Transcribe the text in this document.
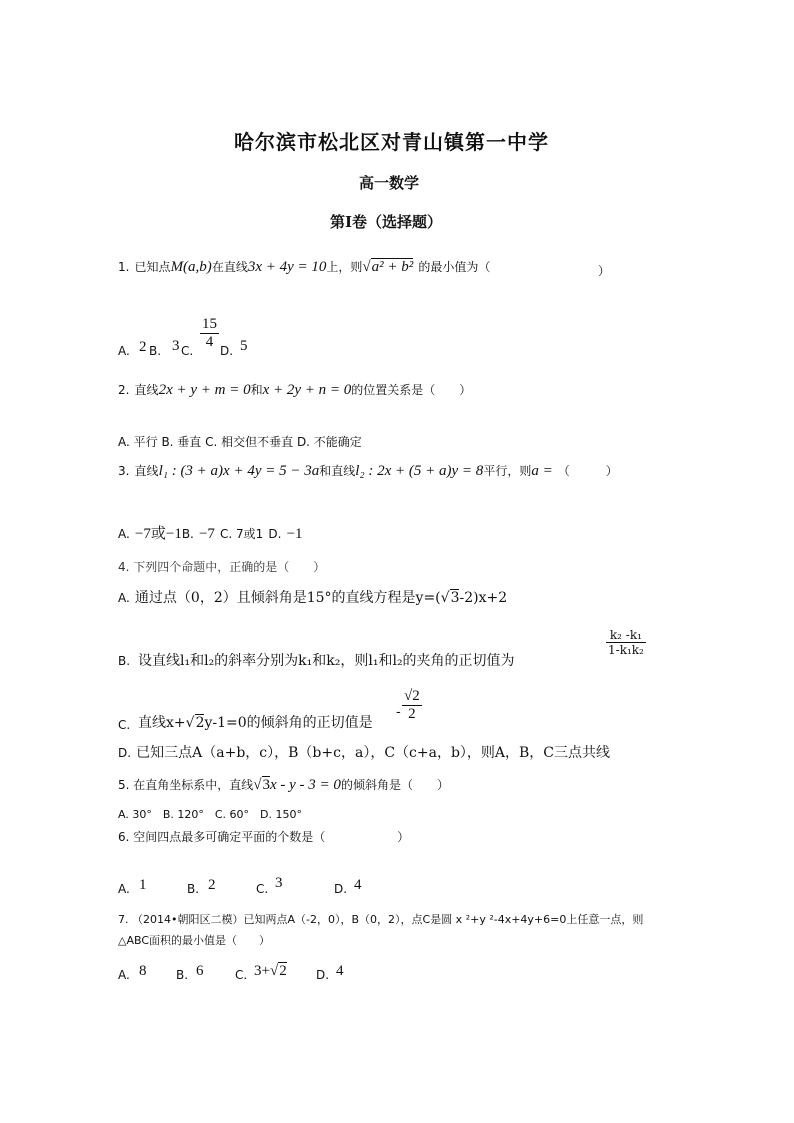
哈尔滨市松北区对青山镇第一中学
高一数学
第Ⅰ卷（选择题）
1. 已知点M(a,b)在直线3x + 4y = 10上，则√a² + b² 的最小值为（	）
A. 2 B. 3 C. $\frac{15}{4} D$. 5
2. 直线2x + y + m = 0和x + 2y + n = 0的位置关系是（　　）
A. 平行 B. 垂直 C. 相交但不垂直 D. 不能确定
3. 直线l₁ : (3 + a)x + 4y = 5 − 3a和直线l₂ : 2x + (5 + a)y = 8平行，则a = （　　　）
A. −7或−1B. −7 C. 7或1 D. −1
4. 下列四个命题中，正确的是（　　）
A. 通过点（0，2）且倾斜角是15°的直线方程是y=(√3-2)x+2
B. 设直线l₁和l₂的斜率分别为k₁和k₂，则l₁和l₂的夹角的正切值为
$\frac{\text{k₂ -k₁}}{\text{1-k₁k₂}}$
C. 直线x+√2y-1=0的倾斜角的正切值是
- $\frac{√2}{2}$
D. 已知三点A（a+b，c），B（b+c，a），C（c+a，b），则A，B，C三点共线
5. 在直角坐标系中，直线√3x - y - 3 = 0的倾斜角是（　　）
A. 30°　B. 120°　C. 60°　D. 150°
6. 空间四点最多可确定平面的个数是（　　　　　　）
A. 1	B. 2	C. 3	D. 4
7. （2014•朝阳区二模）已知两点A（-2，0），B（0，2），点C是圆 x ²+y ²-4x+4y+6=0上任意一点，则
△ABC面积的最小值是（　　）
A. 8 B. 6	C. 3+√2 D. 4
